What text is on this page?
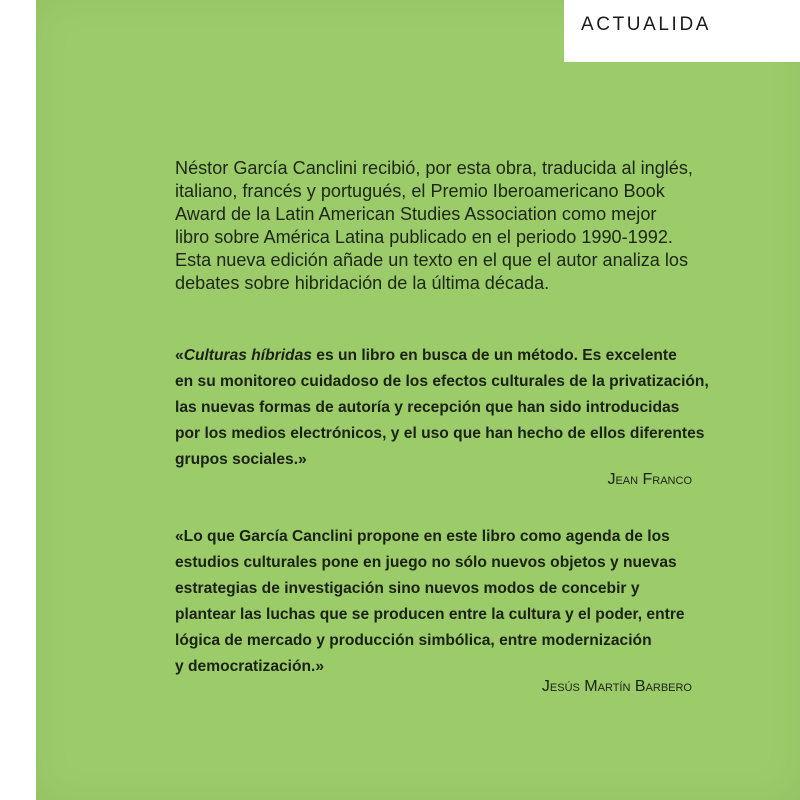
ACTUALIDA

Néstor García Canclini recibió, por esta obra, traducida al inglés,
italiano, francés y portugués, el Premio Iberoamericano Book
Award de la Latin American Studies Association como mejor
libro sobre América Latina publicado en el periodo 1990-1992.
Esta nueva edición añade un texto en el que el autor analiza los
debates sobre hibridación de la última década.

«Culturas híbridas es un libro en busca de un método. Es excelente
en su monitoreo cuidadoso de los efectos culturales de la privatización,
las nuevas formas de autoría y recepción que han sido introducidas
por los medios electrónicos, y el uso que han hecho de ellos diferentes
grupos sociales.»

Jean Franco

«Lo que García Canclini propone en este libro como agenda de los
estudios culturales pone en juego no sólo nuevos objetos y nuevas
estrategias de investigación sino nuevos modos de concebir y
plantear las luchas que se producen entre la cultura y el poder, entre
lógica de mercado y producción simbólica, entre modernización
y democratización.»

Jesús Martín Barbero
